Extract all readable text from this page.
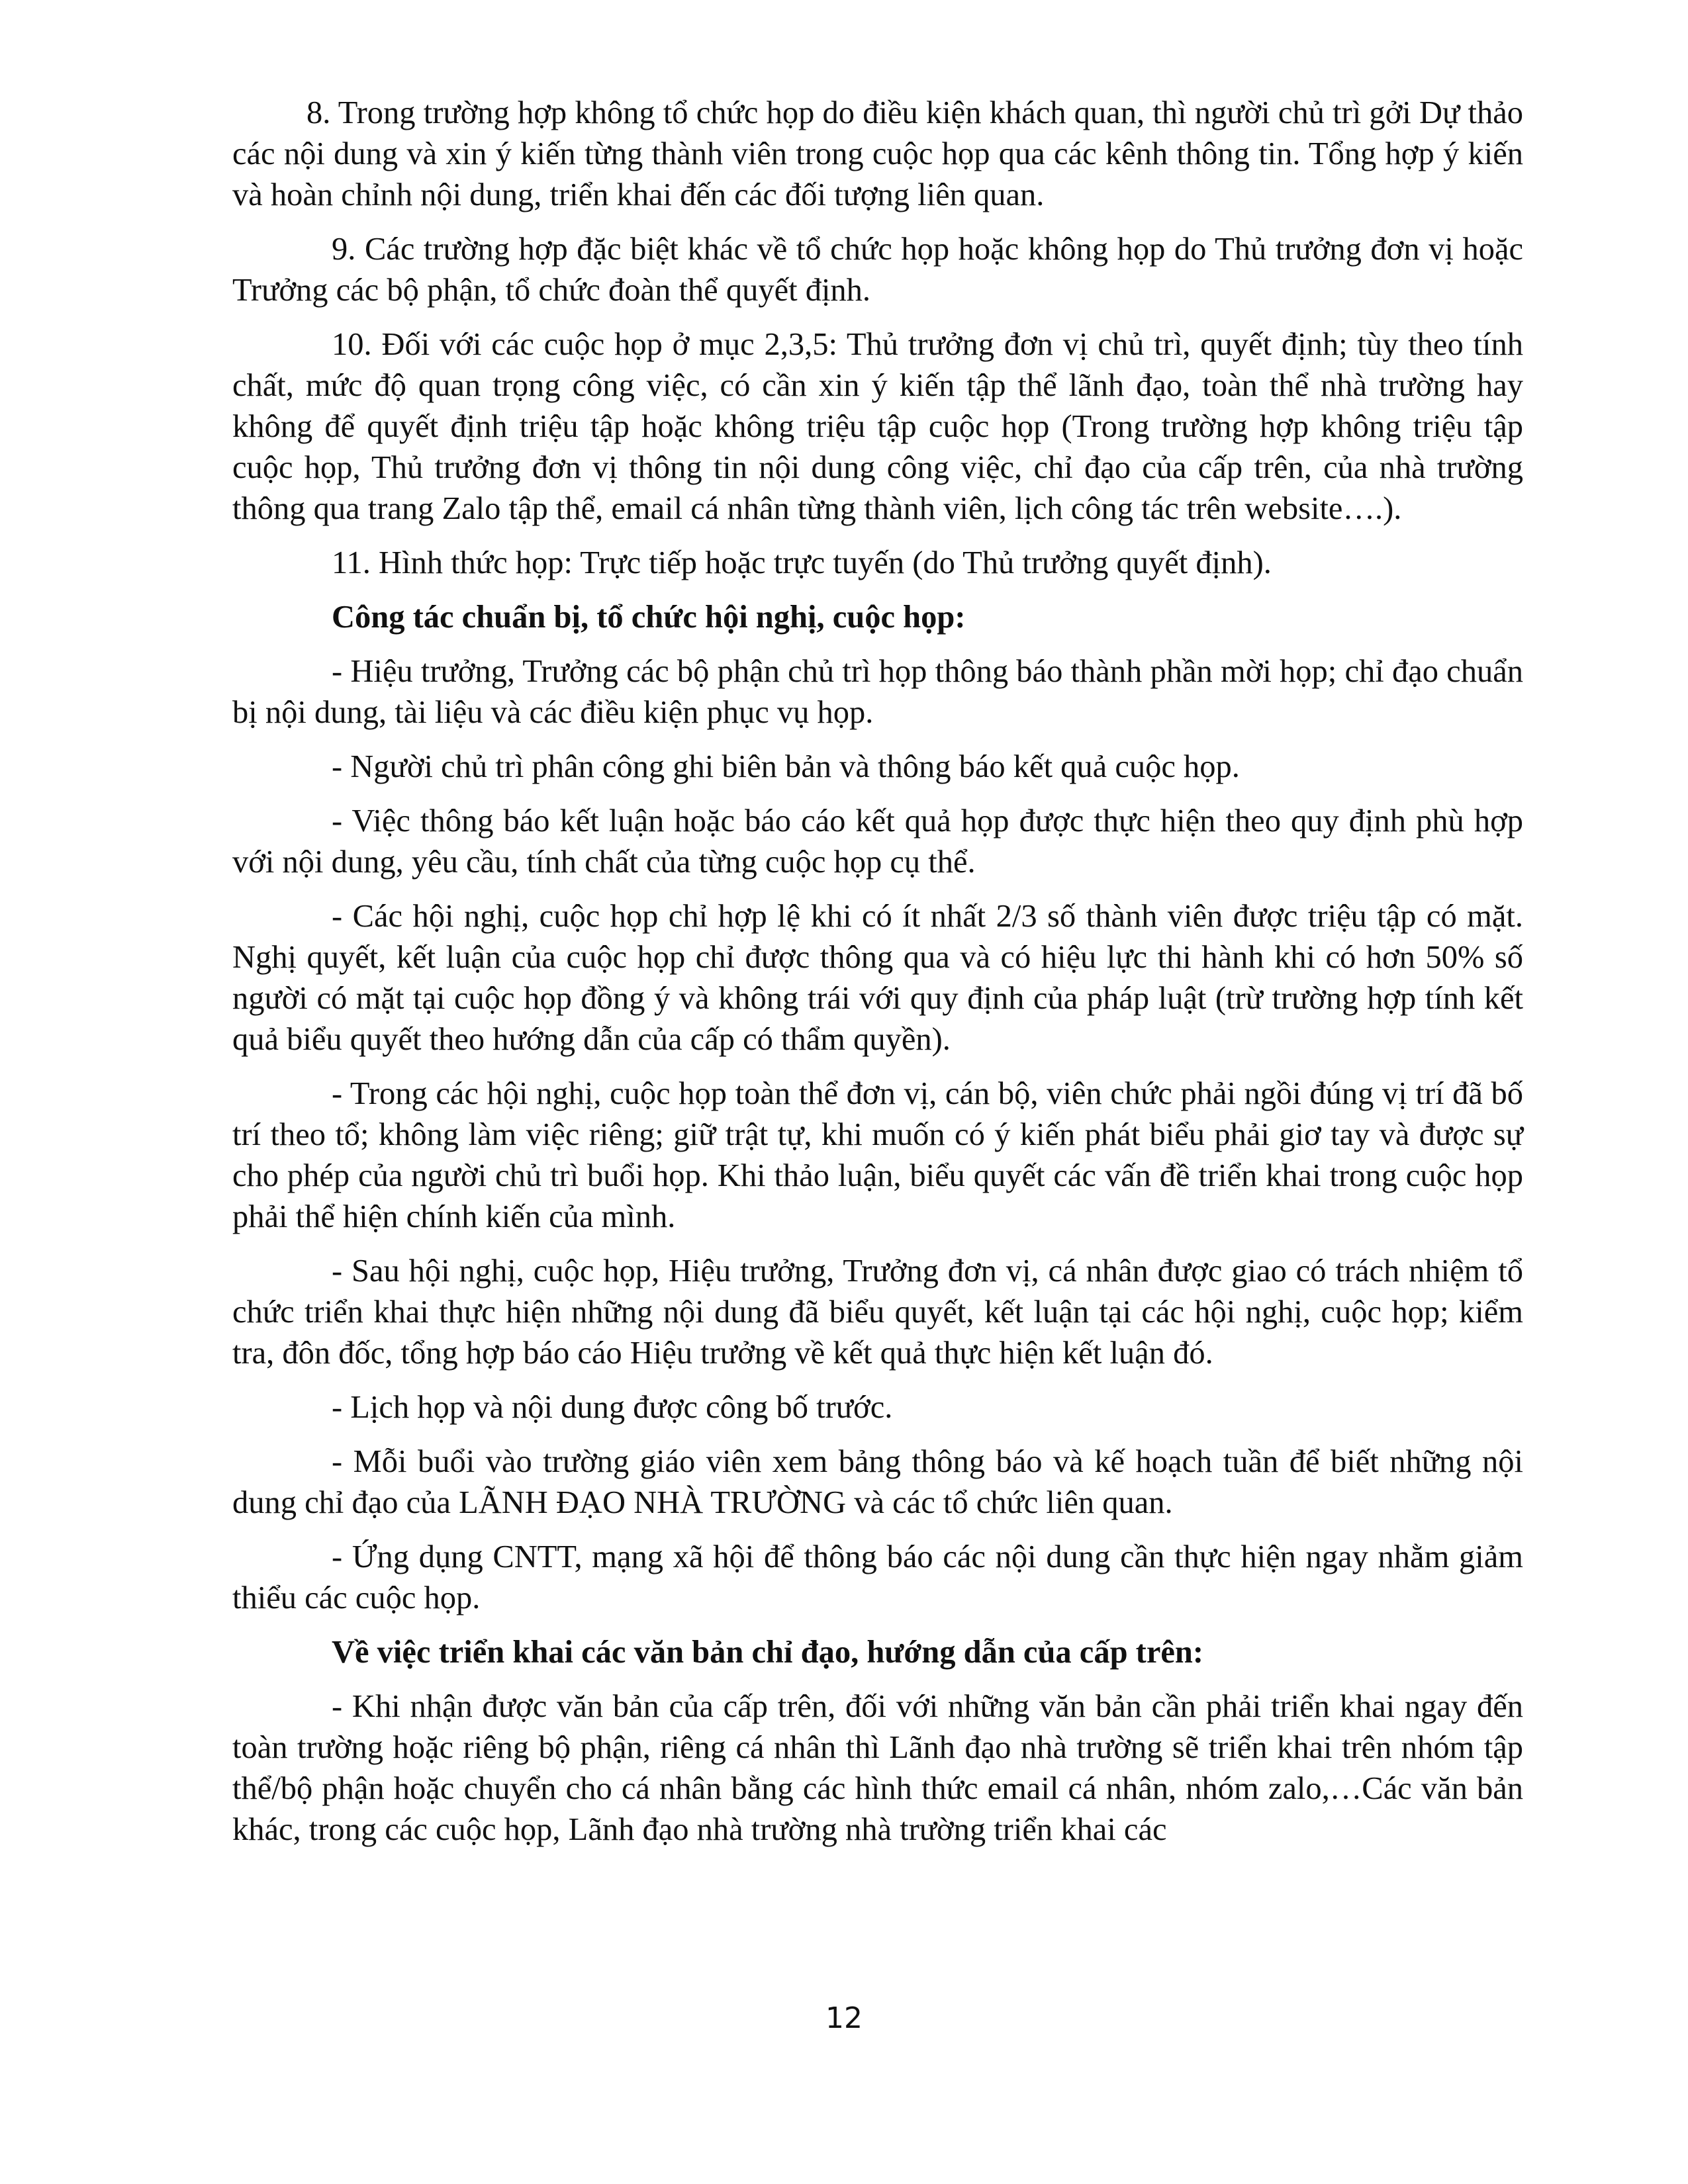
8. Trong trường hợp không tổ chức họp do điều kiện khách quan, thì người chủ trì gởi Dự thảo các nội dung và xin ý kiến từng thành viên trong cuộc họp qua các kênh thông tin. Tổng hợp ý kiến và hoàn chỉnh nội dung, triển khai đến các đối tượng liên quan.

9. Các trường hợp đặc biệt khác về tổ chức họp hoặc không họp do Thủ trưởng đơn vị hoặc Trưởng các bộ phận, tổ chức đoàn thể quyết định.

10. Đối với các cuộc họp ở mục 2,3,5: Thủ trưởng đơn vị chủ trì, quyết định; tùy theo tính chất, mức độ quan trọng công việc, có cần xin ý kiến tập thể lãnh đạo, toàn thể nhà trường hay không để quyết định triệu tập hoặc không triệu tập cuộc họp (Trong trường hợp không triệu tập cuộc họp, Thủ trưởng đơn vị thông tin nội dung công việc, chỉ đạo của cấp trên, của nhà trường thông qua trang Zalo tập thể, email cá nhân từng thành viên, lịch công tác trên website….).

11. Hình thức họp: Trực tiếp hoặc trực tuyến (do Thủ trưởng quyết định).

Công tác chuẩn bị, tổ chức hội nghị, cuộc họp:

- Hiệu trưởng, Trưởng các bộ phận chủ trì họp thông báo thành phần mời họp; chỉ đạo chuẩn bị nội dung, tài liệu và các điều kiện phục vụ họp.

- Người chủ trì phân công ghi biên bản và thông báo kết quả cuộc họp.

- Việc thông báo kết luận hoặc báo cáo kết quả họp được thực hiện theo quy định phù hợp với nội dung, yêu cầu, tính chất của từng cuộc họp cụ thể.

- Các hội nghị, cuộc họp chỉ hợp lệ khi có ít nhất 2/3 số thành viên được triệu tập có mặt. Nghị quyết, kết luận của cuộc họp chỉ được thông qua và có hiệu lực thi hành khi có hơn 50% số người có mặt tại cuộc họp đồng ý và không trái với quy định của pháp luật (trừ trường hợp tính kết quả biểu quyết theo hướng dẫn của cấp có thẩm quyền).

- Trong các hội nghị, cuộc họp toàn thể đơn vị, cán bộ, viên chức phải ngồi đúng vị trí đã bố trí theo tổ; không làm việc riêng; giữ trật tự, khi muốn có ý kiến phát biểu phải giơ tay và được sự cho phép của người chủ trì buổi họp. Khi thảo luận, biểu quyết các vấn đề triển khai trong cuộc họp phải thể hiện chính kiến của mình.

- Sau hội nghị, cuộc họp, Hiệu trưởng, Trưởng đơn vị, cá nhân được giao có trách nhiệm tổ chức triển khai thực hiện những nội dung đã biểu quyết, kết luận tại các hội nghị, cuộc họp; kiểm tra, đôn đốc, tổng hợp báo cáo Hiệu trưởng về kết quả thực hiện kết luận đó.

- Lịch họp và nội dung được công bố trước.

- Mỗi buổi vào trường giáo viên xem bảng thông báo và kế hoạch tuần để biết những nội dung chỉ đạo của LÃNH ĐẠO NHÀ TRƯỜNG và các tổ chức liên quan.

- Ứng dụng CNTT, mạng xã hội để thông báo các nội dung cần thực hiện ngay nhằm giảm thiểu các cuộc họp.

Về việc triển khai các văn bản chỉ đạo, hướng dẫn của cấp trên:

- Khi nhận được văn bản của cấp trên, đối với những văn bản cần phải triển khai ngay đến toàn trường hoặc riêng bộ phận, riêng cá nhân thì Lãnh đạo nhà trường sẽ triển khai trên nhóm tập thể/bộ phận hoặc chuyển cho cá nhân bằng các hình thức email cá nhân, nhóm zalo,…Các văn bản khác, trong các cuộc họp, Lãnh đạo nhà trường nhà trường triển khai các

12
